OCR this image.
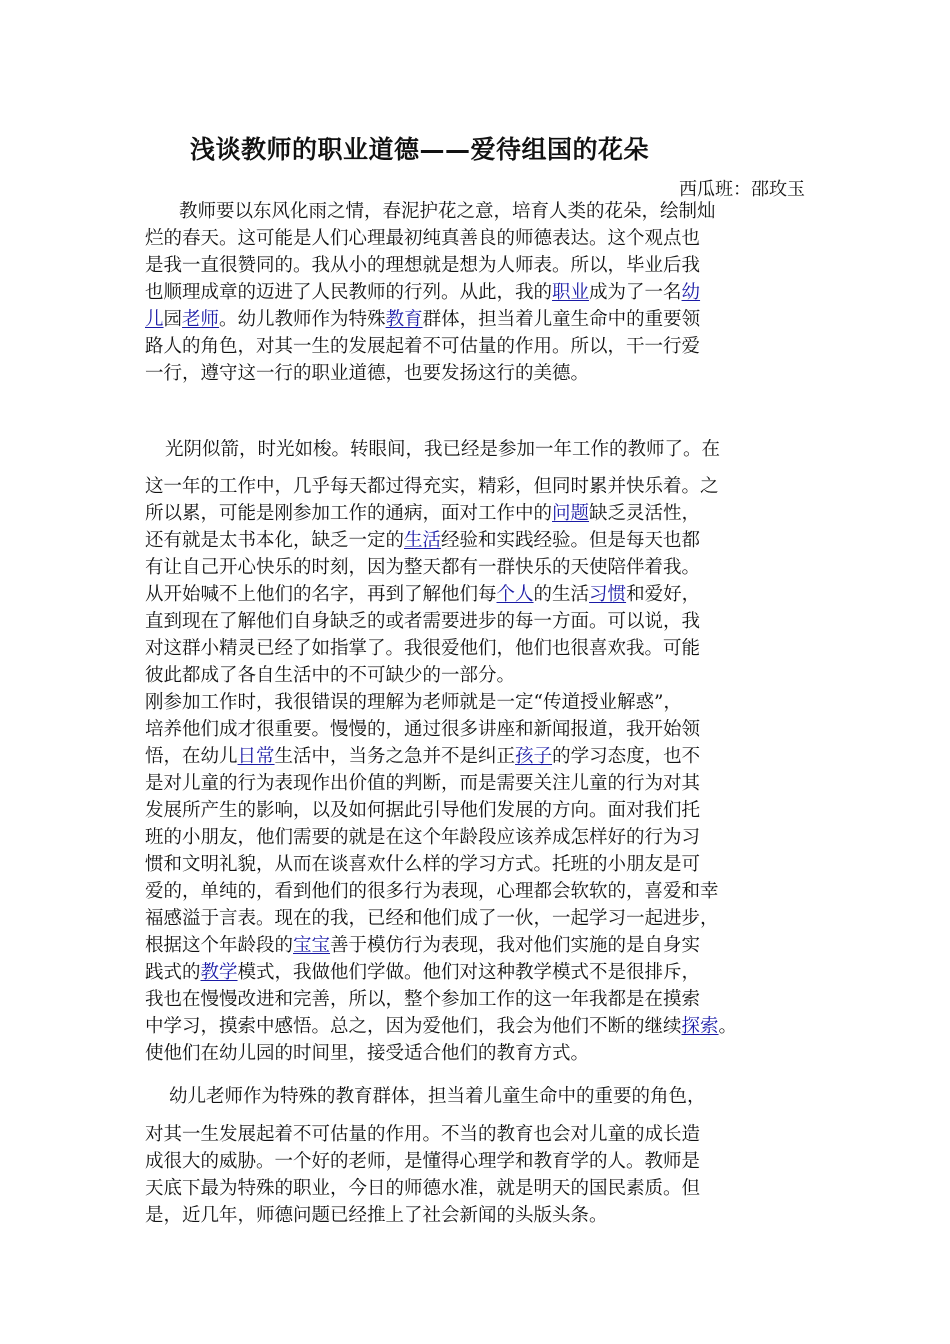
浅谈教师的职业道德——爱待组国的花朵
西瓜班：邵玫玉
教师要以东风化雨之情，春泥护花之意，培育人类的花朵，绘制灿
烂的春天。这可能是人们心理最初纯真善良的师德表达。这个观点也
是我一直很赞同的。我从小的理想就是想为人师表。所以，毕业后我
也顺理成章的迈进了人民教师的行列。从此，我的职业成为了一名幼
儿园老师。幼儿教师作为特殊教育群体，担当着儿童生命中的重要领
路人的角色，对其一生的发展起着不可估量的作用。所以，干一行爱
一行，遵守这一行的职业道德，也要发扬这行的美德。
光阴似箭，时光如梭。转眼间，我已经是参加一年工作的教师了。在
这一年的工作中，几乎每天都过得充实，精彩，但同时累并快乐着。之
所以累，可能是刚参加工作的通病，面对工作中的问题缺乏灵活性，
还有就是太书本化，缺乏一定的生活经验和实践经验。但是每天也都
有让自己开心快乐的时刻，因为整天都有一群快乐的天使陪伴着我。
从开始喊不上他们的名字，再到了解他们每个人的生活习惯和爱好，
直到现在了解他们自身缺乏的或者需要进步的每一方面。可以说，我
对这群小精灵已经了如指掌了。我很爱他们，他们也很喜欢我。可能
彼此都成了各自生活中的不可缺少的一部分。
刚参加工作时，我很错误的理解为老师就是一定“传道授业解惑”，
培养他们成才很重要。慢慢的，通过很多讲座和新闻报道，我开始领
悟，在幼儿日常生活中，当务之急并不是纠正孩子的学习态度，也不
是对儿童的行为表现作出价值的判断，而是需要关注儿童的行为对其
发展所产生的影响，以及如何据此引导他们发展的方向。面对我们托
班的小朋友，他们需要的就是在这个年龄段应该养成怎样好的行为习
惯和文明礼貌，从而在谈喜欢什么样的学习方式。托班的小朋友是可
爱的，单纯的，看到他们的很多行为表现，心理都会软软的，喜爱和幸
福感溢于言表。现在的我，已经和他们成了一伙，一起学习一起进步，
根据这个年龄段的宝宝善于模仿行为表现，我对他们实施的是自身实
践式的教学模式，我做他们学做。他们对这种教学模式不是很排斥，
我也在慢慢改进和完善，所以，整个参加工作的这一年我都是在摸索
中学习，摸索中感悟。总之，因为爱他们，我会为他们不断的继续探索。
使他们在幼儿园的时间里，接受适合他们的教育方式。
幼儿老师作为特殊的教育群体，担当着儿童生命中的重要的角色，
对其一生发展起着不可估量的作用。不当的教育也会对儿童的成长造
成很大的威胁。一个好的老师，是懂得心理学和教育学的人。教师是
天底下最为特殊的职业，今日的师德水准，就是明天的国民素质。但
是，近几年，师德问题已经推上了社会新闻的头版头条。
